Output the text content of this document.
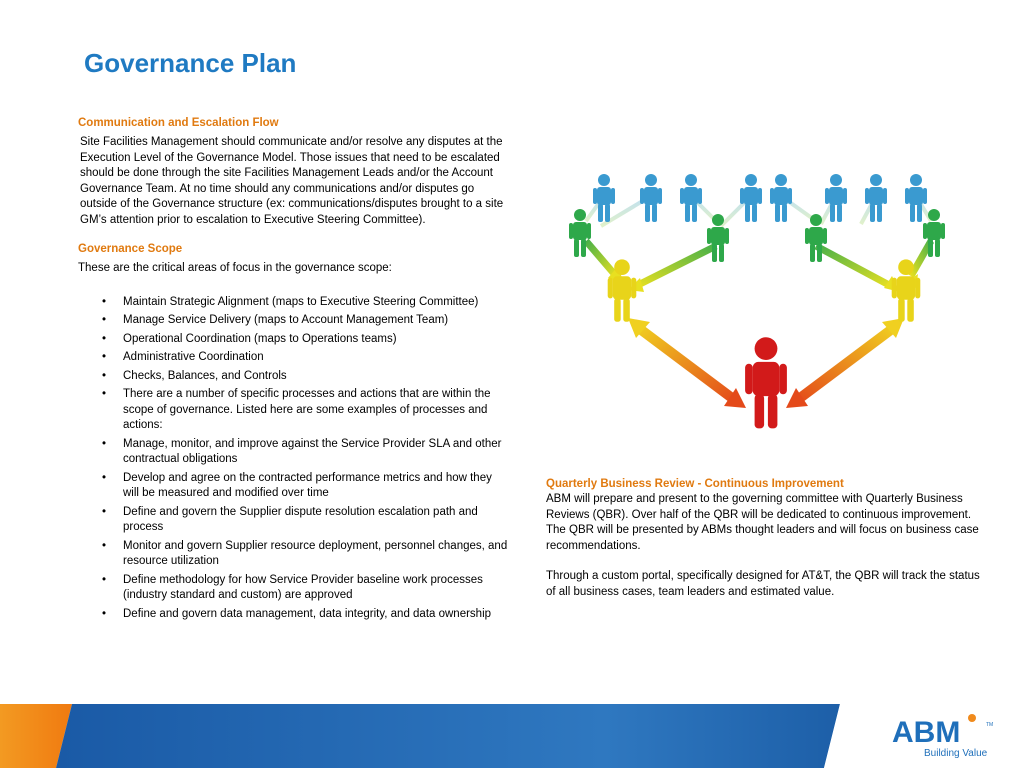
Governance Plan
Communication and Escalation Flow
Site Facilities Management should communicate and/or resolve any disputes at the Execution Level of the Governance Model. Those issues that need to be escalated should be done through the site Facilities Management Leads and/or the Account Governance Team. At no time should any communications and/or disputes go outside of the Governance structure (ex: communications/disputes brought to a site GM’s attention prior to escalation to Executive Steering Committee).
Governance Scope
These are the critical areas of focus in the governance scope:
• Maintain Strategic Alignment (maps to Executive Steering Committee)
• Manage Service Delivery (maps to Account Management Team)
• Operational Coordination (maps to Operations teams)
• Administrative Coordination
• Checks, Balances, and Controls
• There are a number of specific processes and actions that are within the scope of governance. Listed here are some examples of processes and actions:
• Manage, monitor, and improve against the Service Provider SLA and other contractual obligations
• Develop and agree on the contracted performance metrics and how they will be measured and modified over time
• Define and govern the Supplier dispute resolution escalation path and process
• Monitor and govern Supplier resource deployment, personnel changes, and resource utilization
• Define methodology for how Service Provider baseline work processes (industry standard and custom) are approved
• Define and govern data management, data integrity, and data ownership
Quarterly Business Review - Continuous Improvement
ABM will prepare and present to the governing committee with Quarterly Business Reviews (QBR). Over half of the QBR will be dedicated to continuous improvement. The QBR will be presented by ABMs thought leaders and will focus on business case recommendations.
Through a custom portal, specifically designed for AT&T, the QBR will track the status of all business cases, team leaders and estimated value.
ABM	TM
Building Value
